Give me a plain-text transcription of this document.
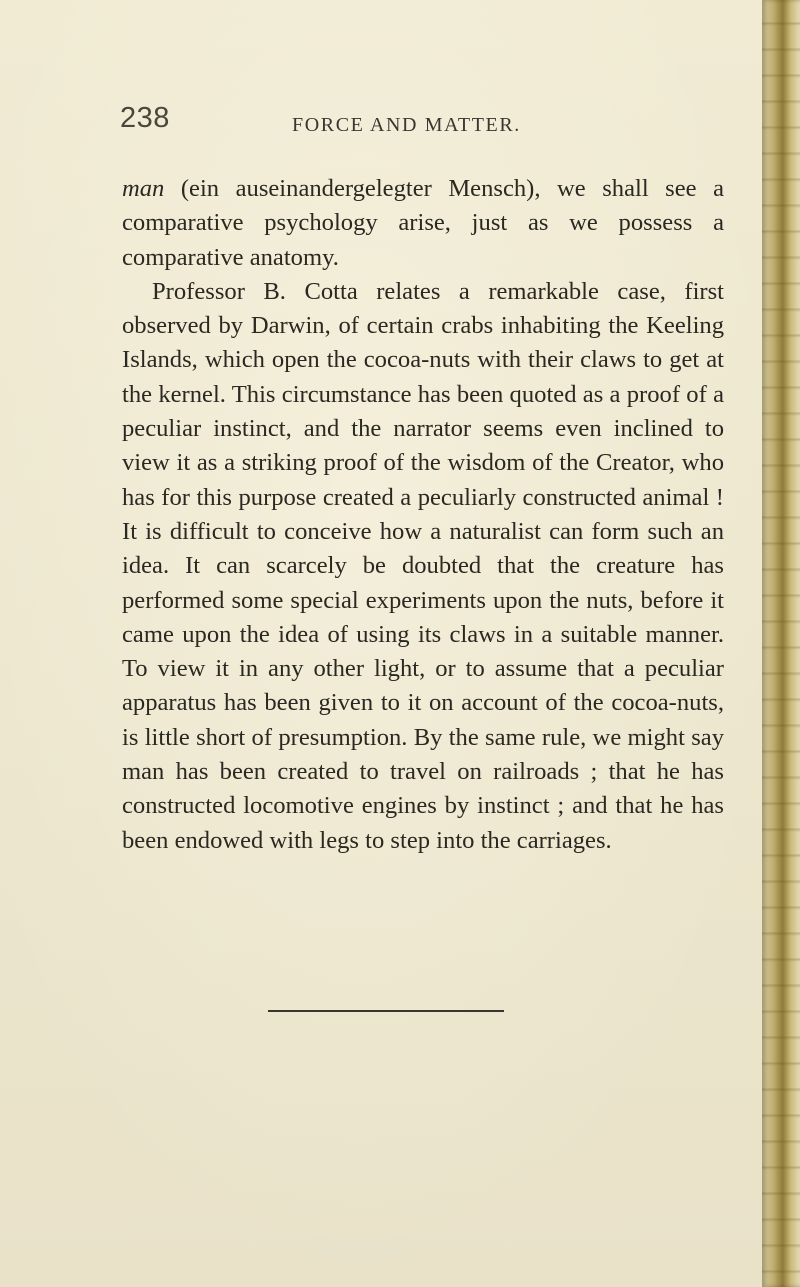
238	FORCE AND MATTER.

man (ein auseinandergelegter Mensch), we shall see a comparative psychology arise, just as we possess a comparative anatomy.

Professor B. Cotta relates a remarkable case, first observed by Darwin, of certain crabs inhabiting the Keeling Islands, which open the cocoa-nuts with their claws to get at the kernel. This circumstance has been quoted as a proof of a peculiar instinct, and the narrator seems even inclined to view it as a striking proof of the wisdom of the Creator, who has for this purpose created a peculiarly constructed animal ! It is difficult to conceive how a naturalist can form such an idea. It can scarcely be doubted that the creature has performed some special experiments upon the nuts, before it came upon the idea of using its claws in a suitable manner. To view it in any other light, or to assume that a peculiar apparatus has been given to it on account of the cocoa-nuts, is little short of presumption. By the same rule, we might say man has been created to travel on railroads ; that he has constructed locomotive engines by instinct ; and that he has been endowed with legs to step into the carriages.
